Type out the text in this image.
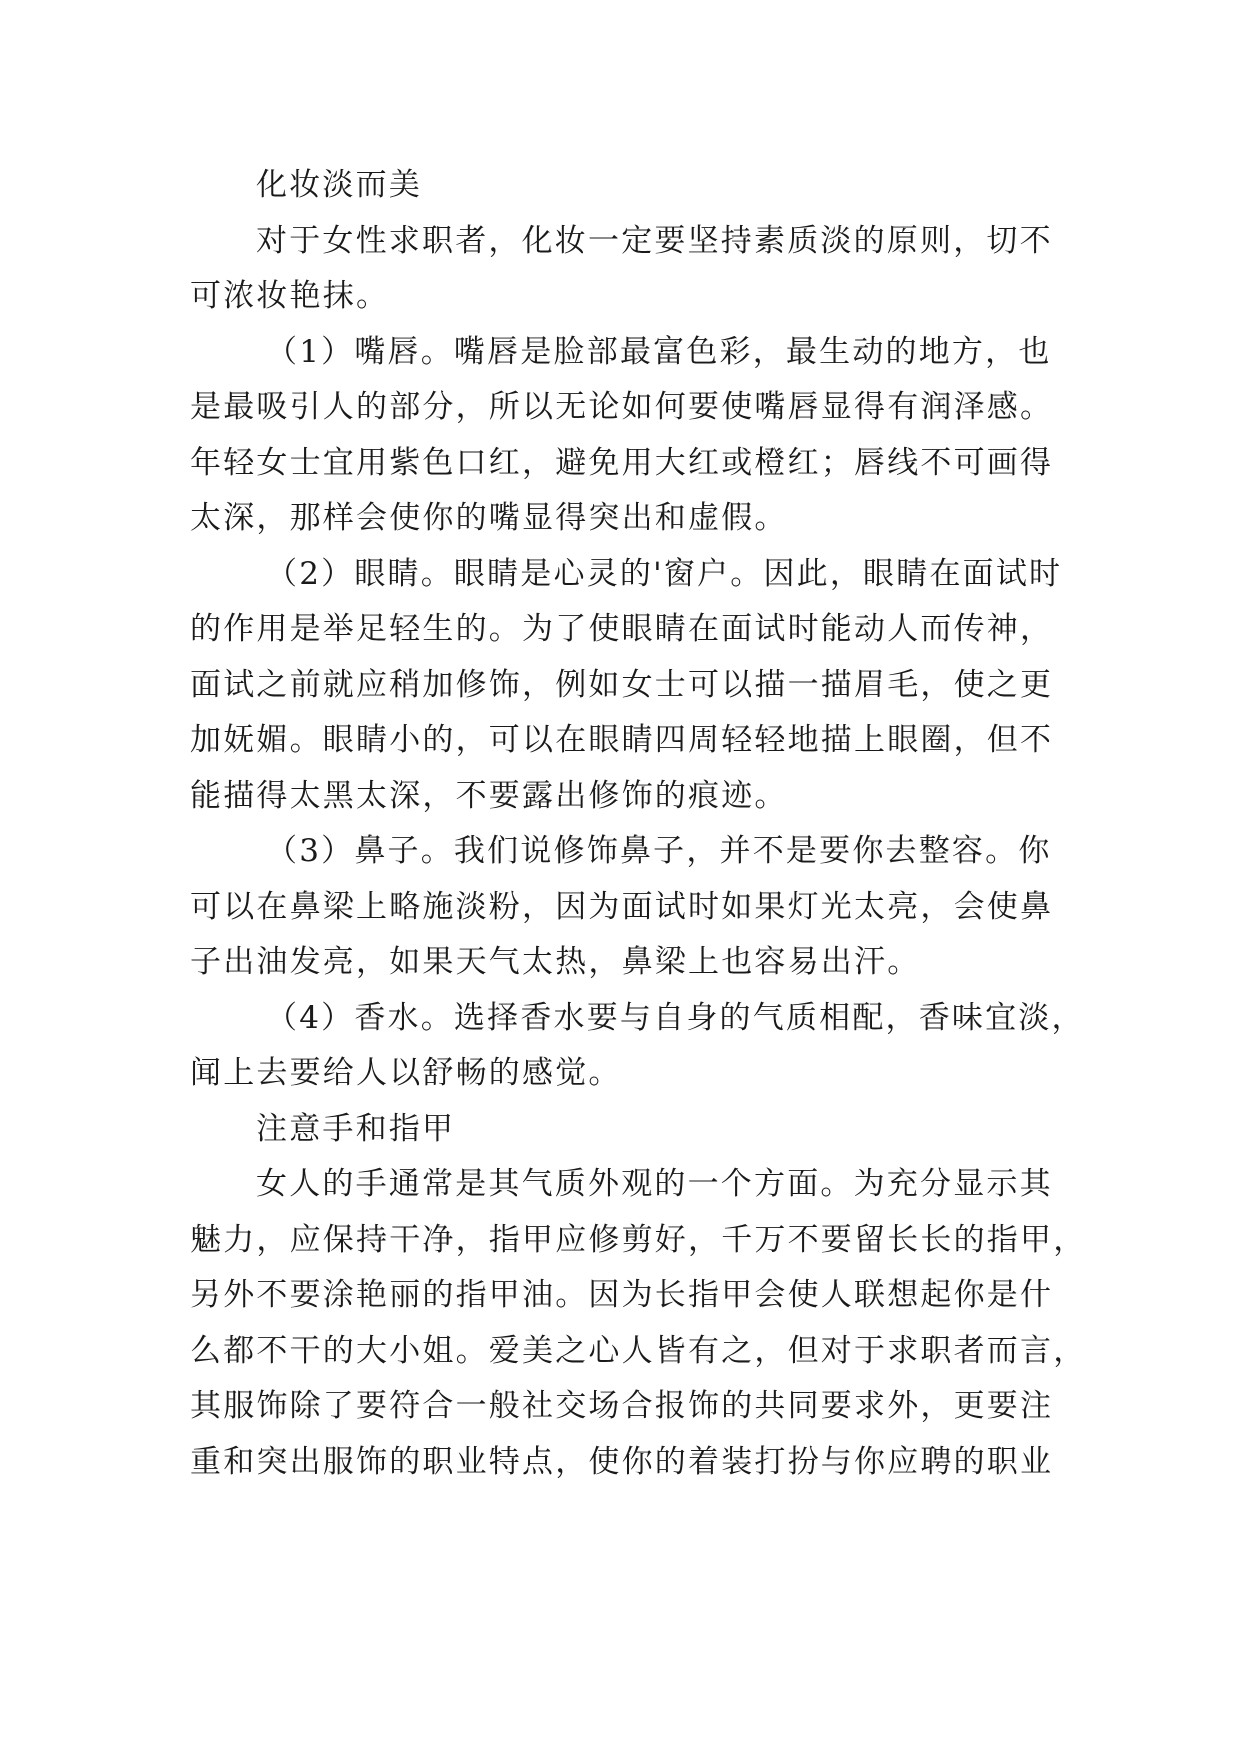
化妆淡而美
对于女性求职者，化妆一定要坚持素质淡的原则，切不
可浓妆艳抹。
（1）嘴唇。嘴唇是脸部最富色彩，最生动的地方，也
是最吸引人的部分，所以无论如何要使嘴唇显得有润泽感。
年轻女士宜用紫色口红，避免用大红或橙红；唇线不可画得
太深，那样会使你的嘴显得突出和虚假。
（2）眼睛。眼睛是心灵的'窗户。因此，眼睛在面试时
的作用是举足轻生的。为了使眼睛在面试时能动人而传神，
面试之前就应稍加修饰，例如女士可以描一描眉毛，使之更
加妩媚。眼睛小的，可以在眼睛四周轻轻地描上眼圈，但不
能描得太黑太深，不要露出修饰的痕迹。
（3）鼻子。我们说修饰鼻子，并不是要你去整容。你
可以在鼻梁上略施淡粉，因为面试时如果灯光太亮，会使鼻
子出油发亮，如果天气太热，鼻梁上也容易出汗。
（4）香水。选择香水要与自身的气质相配，香味宜淡，
闻上去要给人以舒畅的感觉。
注意手和指甲
女人的手通常是其气质外观的一个方面。为充分显示其
魅力，应保持干净，指甲应修剪好，千万不要留长长的指甲，
另外不要涂艳丽的指甲油。因为长指甲会使人联想起你是什
么都不干的大小姐。爱美之心人皆有之，但对于求职者而言，
其服饰除了要符合一般社交场合报饰的共同要求外，更要注
重和突出服饰的职业特点，使你的着装打扮与你应聘的职业
